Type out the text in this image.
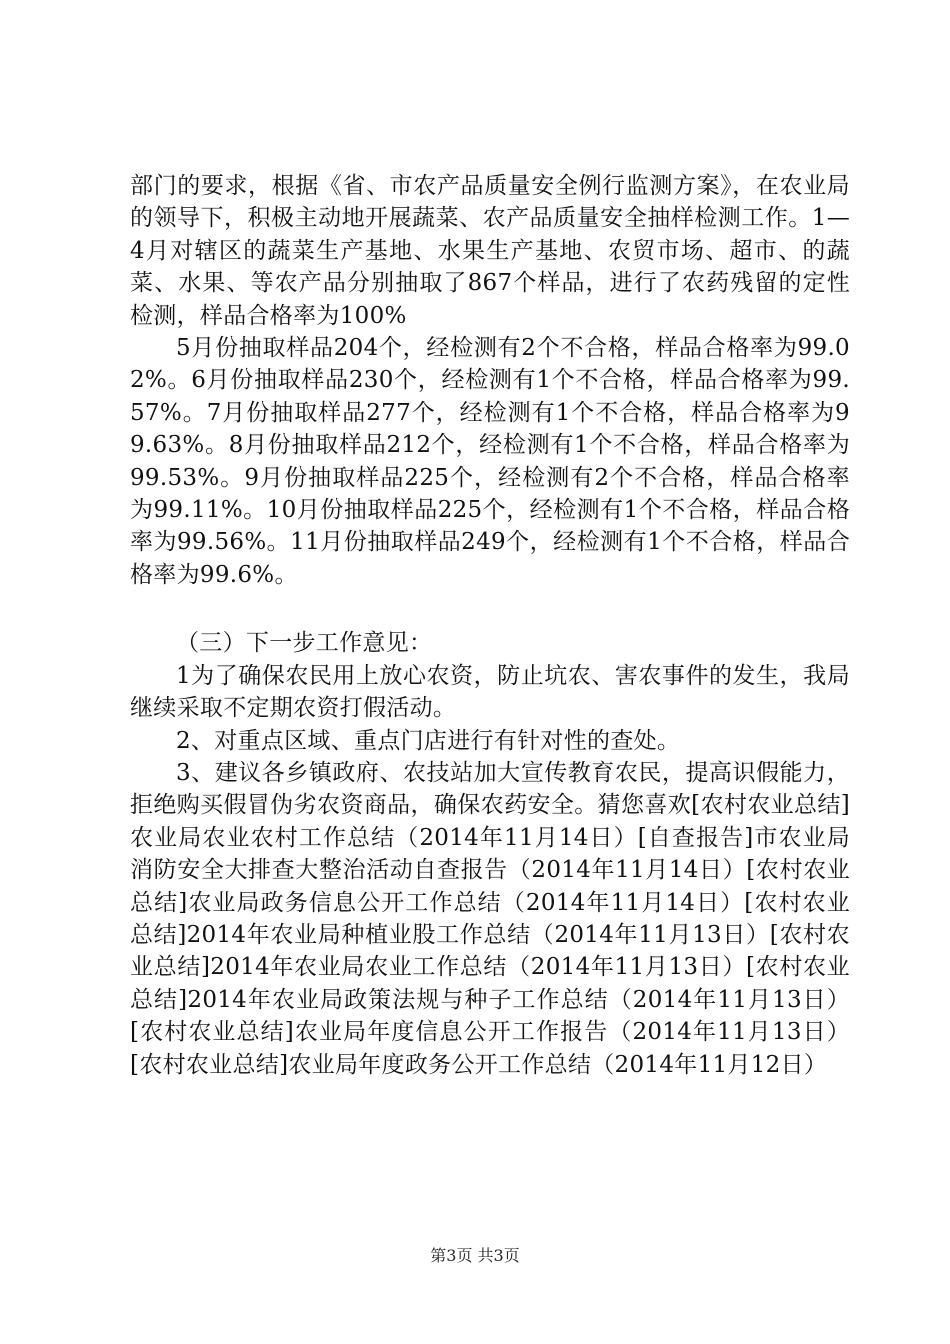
部门的要求，根据《省、市农产品质量安全例行监测方案》，在农业局的领导下，积极主动地开展蔬菜、农产品质量安全抽样检测工作。1—4月对辖区的蔬菜生产基地、水果生产基地、农贸市场、超市、的蔬菜、水果、等农产品分别抽取了867个样品，进行了农药残留的定性检测，样品合格率为100%

5月份抽取样品204个，经检测有2个不合格，样品合格率为99.02%。6月份抽取样品230个，经检测有1个不合格，样品合格率为99.57%。7月份抽取样品277个，经检测有1个不合格，样品合格率为99.63%。8月份抽取样品212个，经检测有1个不合格，样品合格率为99.53%。9月份抽取样品225个，经检测有2个不合格，样品合格率为99.11%。10月份抽取样品225个，经检测有1个不合格，样品合格率为99.56%。11月份抽取样品249个，经检测有1个不合格，样品合格率为99.6%。

（三）下一步工作意见：

1为了确保农民用上放心农资，防止坑农、害农事件的发生，我局继续采取不定期农资打假活动。

2、对重点区域、重点门店进行有针对性的查处。

3、建议各乡镇政府、农技站加大宣传教育农民，提高识假能力，拒绝购买假冒伪劣农资商品，确保农药安全。猜您喜欢[农村农业总结]农业局农业农村工作总结（2014年11月14日）[自查报告]市农业局消防安全大排查大整治活动自查报告（2014年11月14日）[农村农业总结]农业局政务信息公开工作总结（2014年11月14日）[农村农业总结]2014年农业局种植业股工作总结（2014年11月13日）[农村农业总结]2014年农业局农业工作总结（2014年11月13日）[农村农业总结]2014年农业局政策法规与种子工作总结（2014年11月13日）[农村农业总结]农业局年度信息公开工作报告（2014年11月13日）[农村农业总结]农业局年度政务公开工作总结（2014年11月12日）

第3页 共3页
